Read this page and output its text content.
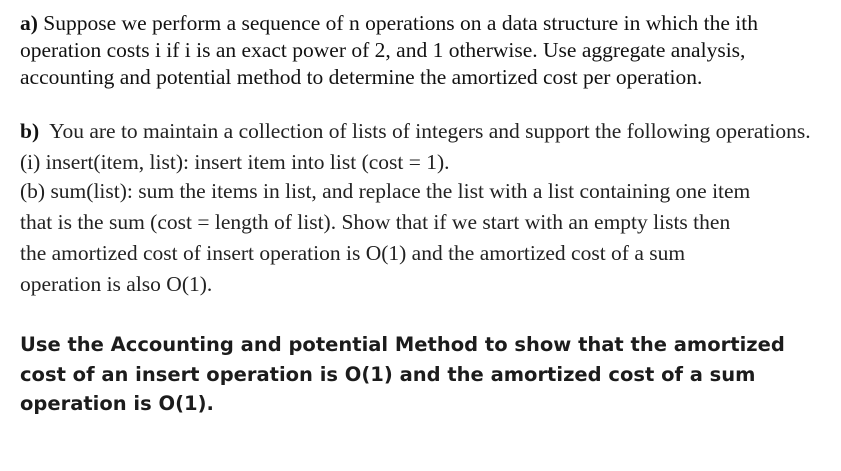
a) Suppose we perform a sequence of n operations on a data structure in which the ith operation costs i if i is an exact power of 2, and 1 otherwise. Use aggregate analysis, accounting and potential method to determine the amortized cost per operation.

b)  You are to maintain a collection of lists of integers and support the following operations.

(i) insert(item, list): insert item into list (cost = 1).

(b) sum(list): sum the items in list, and replace the list with a list containing one item

that is the sum (cost = length of list). Show that if we start with an empty lists then

the amortized cost of insert operation is O(1) and the amortized cost of a sum

operation is also O(1).

Use the Accounting and potential Method to show that the amortized cost of an insert operation is O(1) and the amortized cost of a sum operation is O(1).
